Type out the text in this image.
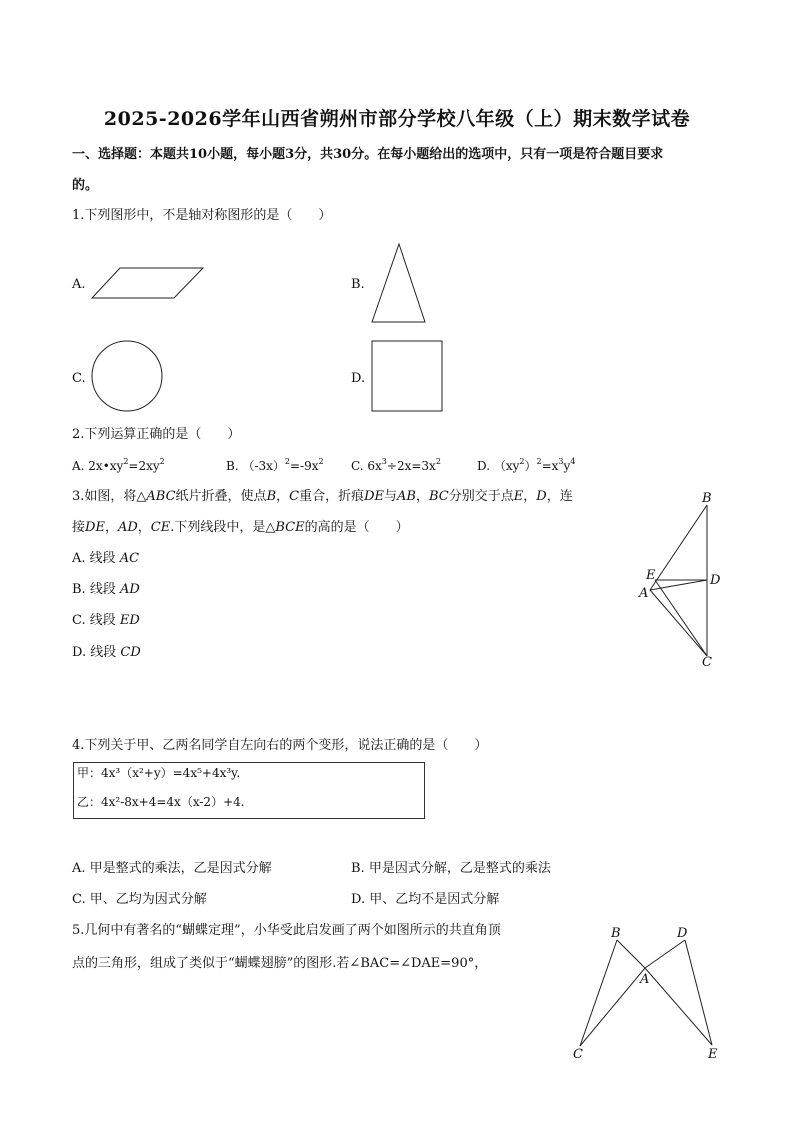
2025-2026学年山西省朔州市部分学校八年级（上）期末数学试卷
一、选择题：本题共10小题，每小题3分，共30分。在每小题给出的选项中，只有一项是符合题目要求
的。
1.下列图形中，不是轴对称图形的是（　　）
A.	B.
C.	D.
2.下列运算正确的是（　　）
A. $2x•xy^2=2xy^2$	B. $(-3x)^2=-9x^2$ C. $6x^3\div 2x=3x^2$	D. $(xy^2)^2=x^3y^4$
3.如图，将△ABC纸片折叠，使点B，C重合，折痕DE与AB，BC分别交于点E，D，连
接DE，AD，CE.下列线段中，是△BCE的高的是（　　）
A. 线段 AC
B. 线段 AD
C. 线段 ED
D. 线段 CD
B
E	D
A
C
4.下列关于甲、乙两名同学自左向右的两个变形，说法正确的是（　　）
甲：4x³（x²+y）=4x⁵+4x³y.
乙：4x²-8x+4=4x（x-2）+4.
A. 甲是整式的乘法，乙是因式分解	B. 甲是因式分解，乙是整式的乘法
C. 甲、乙均为因式分解	D. 甲、乙均不是因式分解
5.几何中有著名的“蝴蝶定理”，小华受此启发画了两个如图所示的共直角顶
点的三角形，组成了类似于“蝴蝶翅膀”的图形.若∠BAC=∠DAE=90°，
B	D
A
C	E
